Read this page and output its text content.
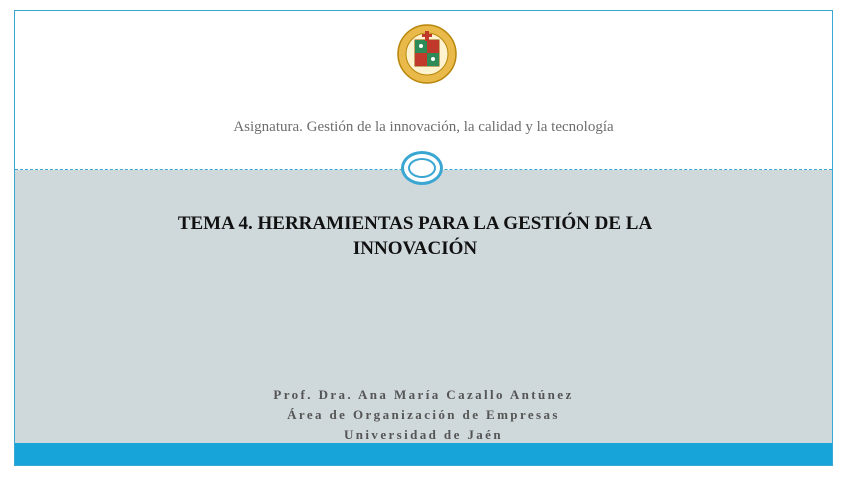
Asignatura. Gestión de la innovación, la calidad y la tecnología
TEMA 4. HERRAMIENTAS PARA LA GESTIÓN DE LA INNOVACIÓN
Prof. Dra. Ana María Cazallo Antúnez
Área de Organización de Empresas
Universidad de Jaén
